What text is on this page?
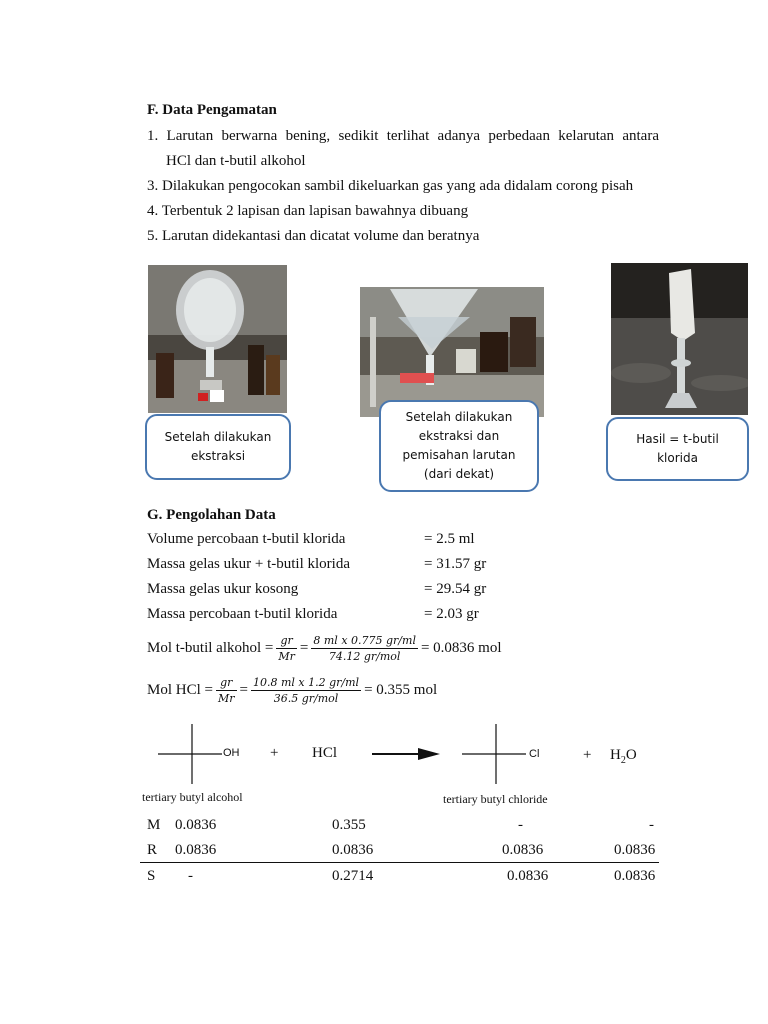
F. Data Pengamatan
1. Larutan berwarna bening, sedikit terlihat adanya perbedaan kelarutan antara
HCl dan t-butil alkohol
3. Dilakukan pengocokan sambil dikeluarkan gas yang ada didalam corong pisah
4. Terbentuk 2 lapisan dan lapisan bawahnya dibuang
5. Larutan didekantasi dan dicatat volume dan beratnya
Setelah dilakukan ekstraksi
Setelah dilakukan ekstraksi dan pemisahan larutan (dari dekat)
Hasil = t-butil klorida
G. Pengolahan Data
Volume percobaan t-butil klorida	= 2.5 ml
Massa gelas ukur + t-butil klorida	= 31.57 gr
Massa gelas ukur kosong	= 29.54 gr
Massa percobaan t-butil klorida	= 2.03 gr
Mol t-butil alkohol = $\frac{gr}{Mr} = \frac{\text{8 ml x 0.775 gr/ml}}{\text{74.12 gr/mol}} = 0.0836$ mol
Mol HCl = $\frac{gr}{Mr} = \frac{\text{10.8 ml x 1.2 gr/ml}}{\text{36.5 gr/mol}} = 0.355$ mol
OH + HCl	Cl	+ $H_2O$
tertiary butyl alcohol	tertiary butyl chloride
M 0.0836	0.355	-	-
R 0.0836	0.0836	0.0836	0.0836
S -	0.2714	0.0836	0.0836
